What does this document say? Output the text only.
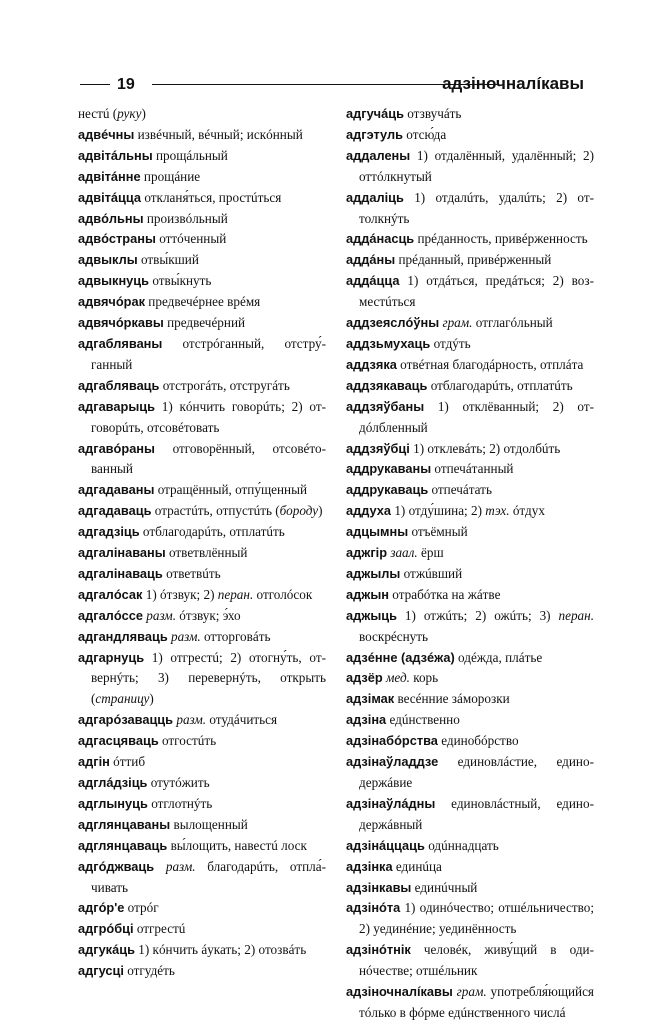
19	адзіночналíкавы
нестú (руку)
адвéчны извéчный, вéчный; искóнный
адвітáльны прощáльный
адвітáнне прощáние
адвітáцца откланя́ться, простúться
адвóльны произвóльный
адвóстраны оттóченный
адвыклы отвы́кший
адвыкнуць отвы́кнуть
адвячóрак предвечéрнее врéмя
адвячóркавы предвечéрний
адгабляваны отстрóганный, отстру́ганный
адгабляваць отстрогáть, отстругáть
адгаварыць 1) кóнчить говорúть; 2) отговорúть, отсовéтовать
адгавóраны отговорённый, отсовéтованный
адгадаваны отращённый, отпу́щенный
адгадаваць отрастúть, отпустúть (бороду)
адгадзіць отблагодарúть, отплатúть
адгалінаваны ответвлённый
адгалінаваць ответвúть
адгалóсак 1) óтзвук; 2) перан. отголóсок
адгалóссе разм. óтзвук; э́хо
адгандляваць разм. отторговáть
адгарнуць 1) отгрестú; 2) отогну́ть, отвернýть; 3) перевернýть, открыть (страницу)
адгарóзавацць разм. отудáчиться
адгасцяваць отгостúть
адгін óттиб
адглáдзіць отутóжить
адглынуць отглотнýть
адглянцаваны вылощенный
адглянцаваць вы́лощить, навестú лоск
адгóджваць разм. благодарúть, отпла́чивать
адгóр'е отрóг
адгрóбці отгрестú
адгукáць 1) кóнчить áукать; 2) отозвáть
адгусці отгудéть
адгучáць отзвучáть
адгэтуль отсю́да
аддалены 1) отдалённый, удалённый; 2) оттóлкнутый
аддаліць 1) отдалúть, удалúть; 2) оттолкнýть
аддáнасць прéданность, привéрженность
аддáны прéданный, привéрженный
аддáцца 1) отдáться, предáться; 2) возместúться
аддзеяслóўны грам. отглагóльный
аддзьмухаць отдýть
аддзяка отвéтная благодáрность, отплáта
аддзякаваць отблагодарúть, отплатúть
аддзяўбаны 1) отклёванный; 2) отдóлбленный
аддзяўбці 1) отклевáть; 2) отдолбúть
аддрукаваны отпечáтанный
аддрукаваць отпечáтать
аддуха 1) отду́шина; 2) тэх. óтдух
адцымны отъёмный
аджгір заал. ёрш
аджылы отжúвший
аджын отрабóтка на жáтве
аджыць 1) отжúть; 2) ожúть; 3) перан. воскрéснуть
адзéнне (адзéжа) одéжда, плáтье
адзёр мед. корь
адзімак весéнние зáморозки
адзіна едúнственно
адзінабóрства единобóрство
адзінаўладдзе единовлáстие, единодержáвие
адзінаўлáдны единовлáстный, единодержáвный
адзінáццаць одúннадцать
адзінка единúца
адзінкавы единúчный
адзінóта 1) одинóчество; отшéльничество; 2) уединéние; уединённость
адзінóтнік человéк, живу́щий в одинóчестве; отшéльник
адзіночналíкавы грам. употребля́ющийся тóлько в фóрме едúнственного числá
